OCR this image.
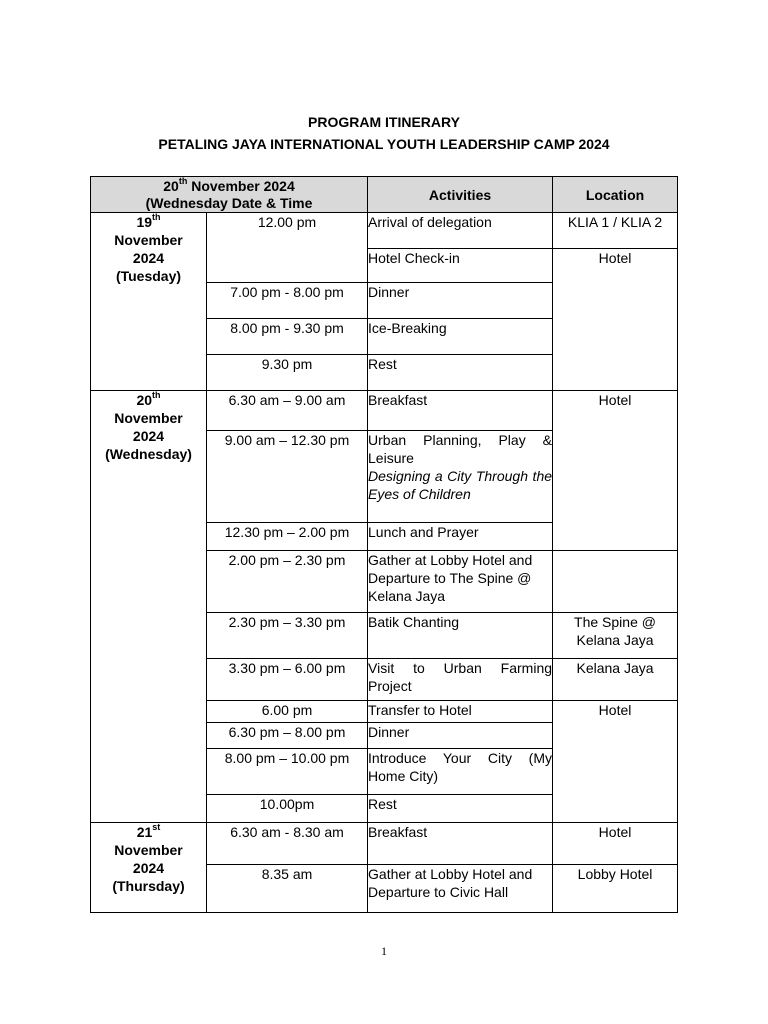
PROGRAM ITINERARY
PETALING JAYA INTERNATIONAL YOUTH LEADERSHIP CAMP 2024
20th November 2024
(Wednesday Date & Time		Activities	Location
19th
November
2024
(Tuesday)	12.00 pm	Arrival of delegation	KLIA 1 / KLIA 2
		Hotel Check-in	Hotel
	7.00 pm - 8.00 pm	Dinner	
	8.00 pm - 9.30 pm	Ice-Breaking	
	9.30 pm	Rest	
20th
November
2024
(Wednesday)	6.30 am – 9.00 am	Breakfast	Hotel
	9.00 am – 12.30 pm	Urban Planning, Play & Leisure
Designing a City Through the Eyes of Children	

	12.30 pm – 2.00 pm	Lunch and Prayer	
	2.00 pm – 2.30 pm	Gather at Lobby Hotel and Departure to The Spine @ Kelana Jaya	
	2.30 pm – 3.30 pm	Batik Chanting	The Spine @ Kelana Jaya
	3.30 pm – 6.00 pm	Visit to Urban Farming Project	Kelana Jaya
	6.00 pm	Transfer to Hotel	Hotel
	6.30 pm – 8.00 pm	Dinner	
	8.00 pm – 10.00 pm	Introduce Your City (My Home City)	
	10.00pm	Rest	
21st
November
2024
(Thursday)	6.30 am - 8.30 am	Breakfast	Hotel
	8.35 am	Gather at Lobby Hotel and Departure to Civic Hall	Lobby Hotel
1
